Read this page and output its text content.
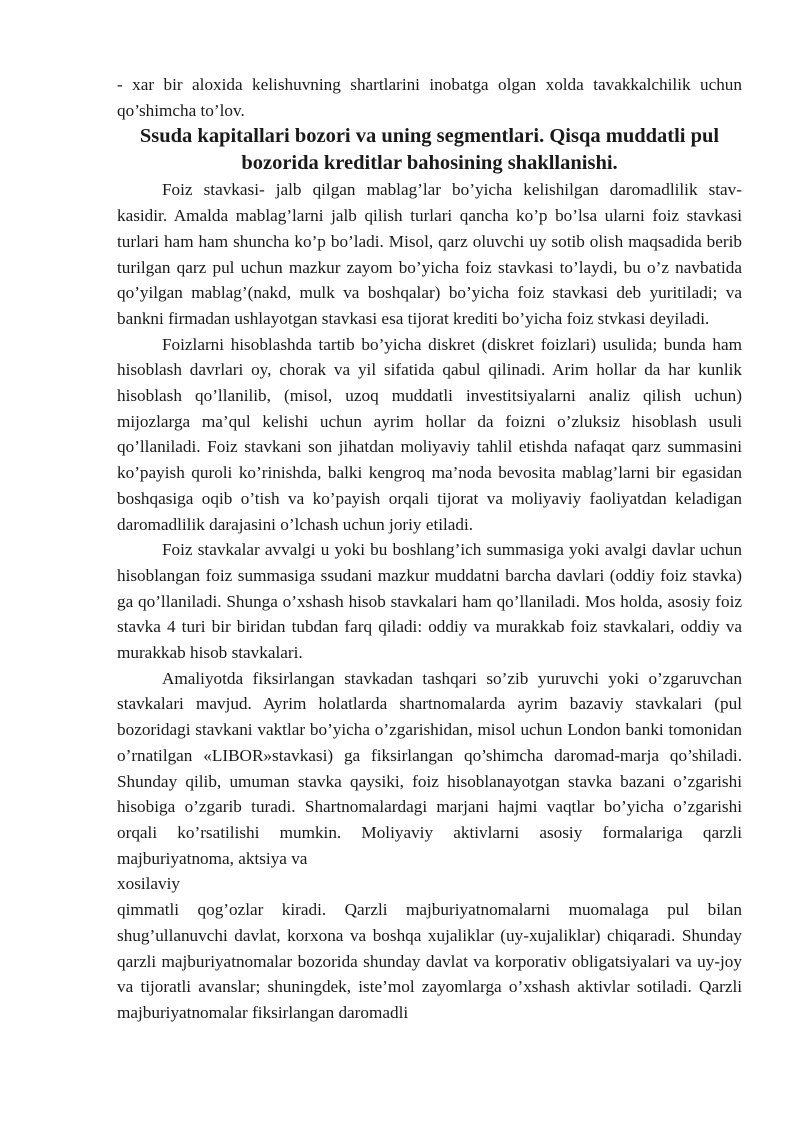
- xar bir aloxida kelishuvning shartlarini inobatga olgan xolda tavakkalchilik uchun qo’shimcha to’lov.

Ssuda kapitallari bozori va uning segmentlari. Qisqa muddatli pul bozorida kreditlar bahosining shakllanishi.

Foiz stavkasi- jalb qilgan mablag’lar bo’yicha kelishilgan daromadlilik stav- kasidir. Amalda mablag’larni jalb qilish turlari qancha ko’p bo’lsa ularni foiz stavkasi turlari ham ham shuncha ko’p bo’ladi. Misol, qarz oluvchi uy sotib olish maqsadida berib turilgan qarz pul uchun mazkur zayom bo’yicha foiz stavkasi to’laydi, bu o’z navbatida qo’yilgan mablag’(nakd, mulk va boshqalar) bo’yicha foiz stavkasi deb yuritiladi; va bankni firmadan ushlayotgan stavkasi esa tijorat krediti bo’yicha foiz stvkasi deyiladi.

Foizlarni hisoblashda tartib bo’yicha diskret (diskret foizlari) usulida; bunda ham hisoblash davrlari oy, chorak va yil sifatida qabul qilinadi. Arim hollar da har kunlik hisoblash qo’llanilib, (misol, uzoq muddatli investitsiyalarni analiz qilish uchun) mijozlarga ma’qul kelishi uchun ayrim hollar da foizni o’zluksiz hisoblash usuli qo’llaniladi. Foiz stavkani son jihatdan moliyaviy tahlil etishda nafaqat qarz summasini ko’payish quroli ko’rinishda, balki kengroq ma’noda bevosita mablag’larni bir egasidan boshqasiga oqib o’tish va ko’payish orqali tijorat va moliyaviy faoliyatdan keladigan daromadlilik darajasini o’lchash uchun joriy etiladi.

Foiz stavkalar avvalgi u yoki bu boshlang’ich summasiga yoki avalgi davlar uchun hisoblangan foiz summasiga ssudani mazkur muddatni barcha davlari (oddiy foiz stavka) ga qo’llaniladi. Shunga o’xshash hisob stavkalari ham qo’llaniladi. Mos holda, asosiy foiz stavka 4 turi bir biridan tubdan farq qiladi: oddiy va murakkab foiz stavkalari, oddiy va murakkab hisob stavkalari.

Amaliyotda fiksirlangan stavkadan tashqari so’zib yuruvchi yoki o’zgaruvchan stavkalari mavjud. Ayrim holatlarda shartnomalarda ayrim bazaviy stavkalari (pul bozoridagi stavkani vaktlar bo’yicha o’zgarishidan, misol uchun London banki tomonidan o’rnatilgan «LIBOR»stavkasi) ga fiksirlangan qo’shimcha daromad-marja qo’shiladi. Shunday qilib, umuman stavka qaysiki, foiz hisoblanayotgan stavka bazani o’zgarishi hisobiga o’zgarib turadi. Shartnomalardagi marjani hajmi vaqtlar bo’yicha o’zgarishi orqali ko’rsatilishi mumkin. Moliyaviy aktivlarni asosiy formalariga qarzli majburiyatnoma, aktsiya va

xosilaviy

qimmatli qog’ozlar kiradi. Qarzli majburiyatnomalarni muomalaga pul bilan shug’ullanuvchi davlat, korxona va boshqa xujaliklar (uy-xujaliklar) chiqaradi. Shunday qarzli majburiyatnomalar bozorida shunday davlat va korporativ obligatsiyalari va uy-joy va tijoratli avanslar; shuningdek, iste’mol zayomlarga o’xshash aktivlar sotiladi. Qarzli majburiyatnomalar fiksirlangan daromadli
